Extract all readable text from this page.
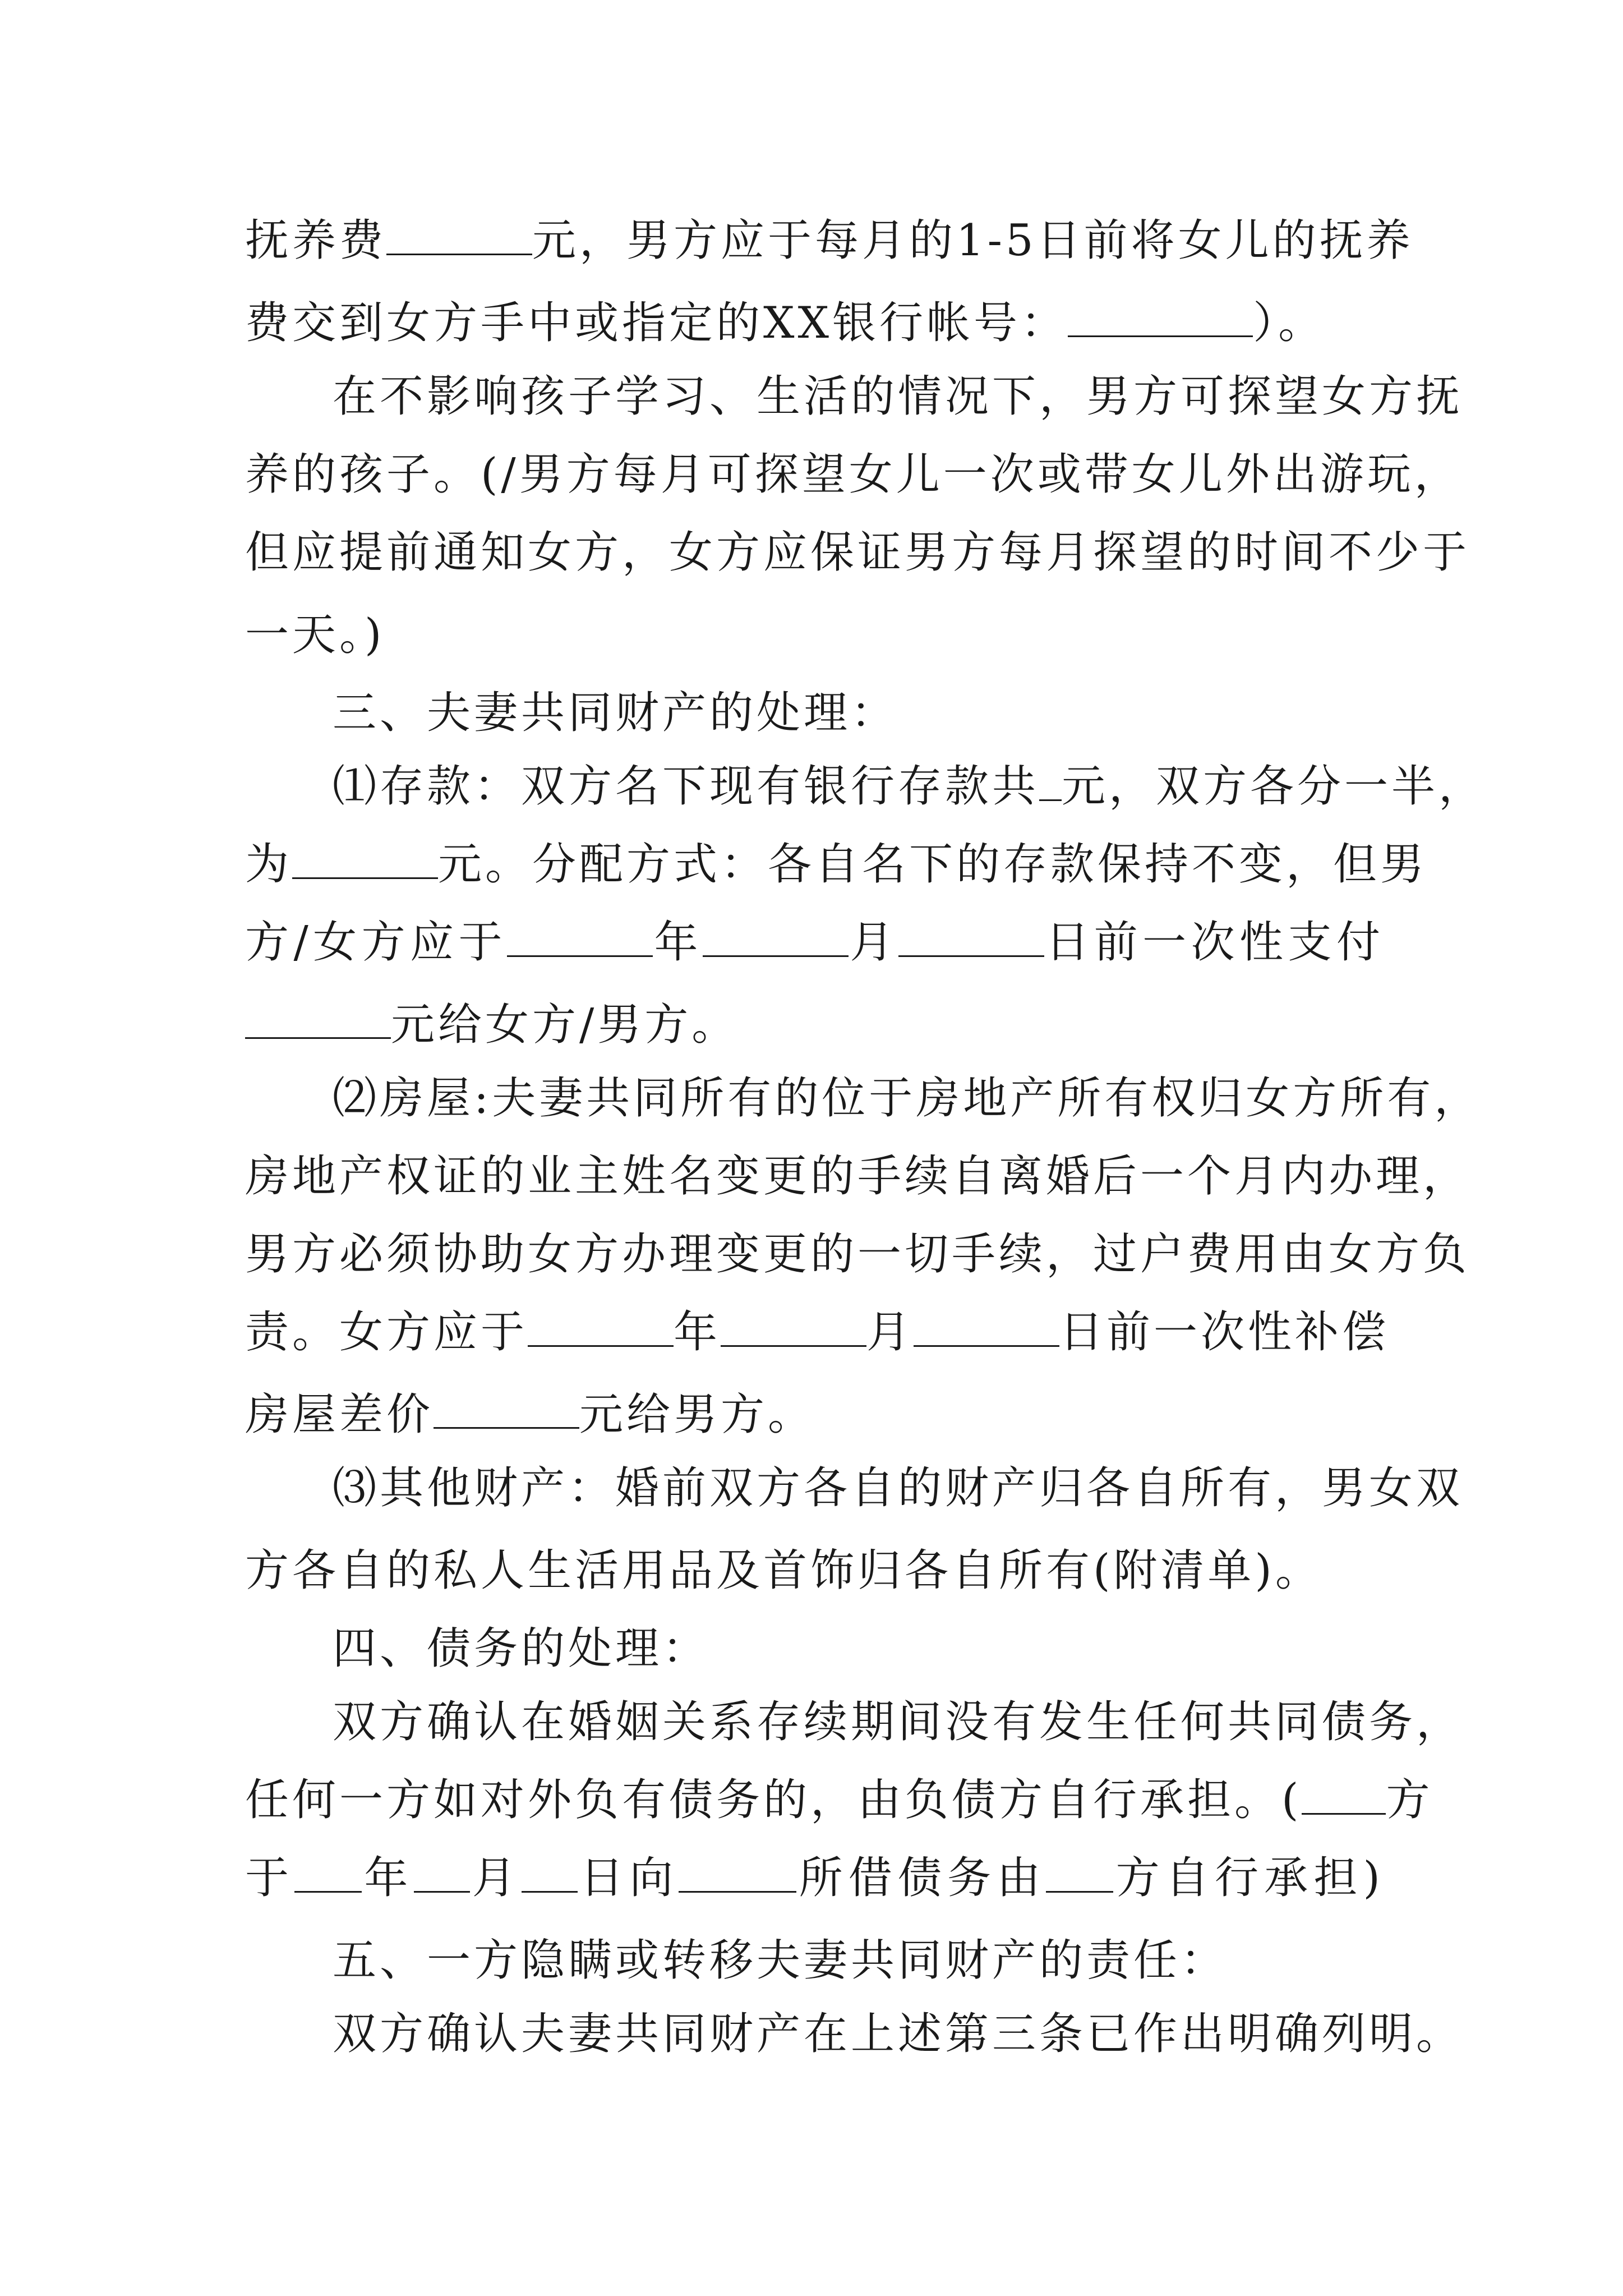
抚养费	元，男方应于每月的1-5日前将女儿的抚养
费交到女方手中或指定的XX银行帐号：	）。
在不影响孩子学习、生活的情况下，男方可探望女方抚
养的孩子。(/男方每月可探望女儿一次或带女儿外出游玩，
但应提前通知女方，女方应保证男方每月探望的时间不少于
一天。)
三、夫妻共同财产的处理：
⑴存款：双方名下现有银行存款共 元，双方各分一半，
为	元。分配方式：各自名下的存款保持不变，但男
方/女方应于	年	月	日前一次性支付
元给女方/男方。
⑵房屋:夫妻共同所有的位于房地产所有权归女方所有，
房地产权证的业主姓名变更的手续自离婚后一个月内办理，
男方必须协助女方办理变更的一切手续，过户费用由女方负
责。女方应于	年	月	日前一次性补偿
房屋差价	元给男方。
⑶其他财产：婚前双方各自的财产归各自所有，男女双
方各自的私人生活用品及首饰归各自所有(附清单)。
四、债务的处理：
双方确认在婚姻关系存续期间没有发生任何共同债务，
任何一方如对外负有债务的，由负债方自行承担。( 方
于 年 月 日向	所借债务由 方自行承担)
五、一方隐瞒或转移夫妻共同财产的责任：
双方确认夫妻共同财产在上述第三条已作出明确列明。
